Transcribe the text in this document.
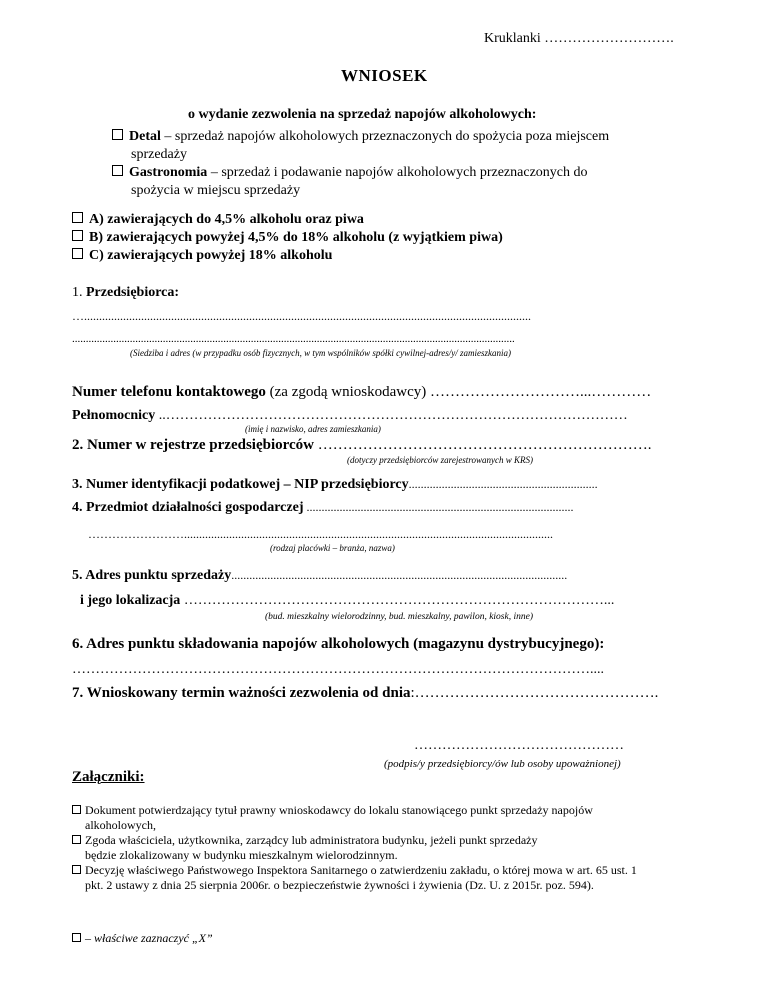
Kruklanki ……………………….
WNIOSEK
o wydanie zezwolenia na sprzedaż napojów alkoholowych:
Detal – sprzedaż napojów alkoholowych przeznaczonych do spożycia poza miejscem
sprzedaży
Gastronomia – sprzedaż i podawanie napojów alkoholowych przeznaczonych do
spożycia w miejscu sprzedaży
A) zawierających do 4,5% alkoholu oraz piwa
B) zawierających powyżej 4,5% do 18% alkoholu (z wyjątkiem piwa)
C) zawierających powyżej 18% alkoholu
1. Przedsiębiorca:
….....................................................................................................................................................
.................................................................................................................................................................
(Siedziba i adres (w przypadku osób fizycznych, w tym wspólników spółki cywilnej-adres/y/ zamieszkania)
Numer telefonu kontaktowego (za zgodą wnioskodawcy) …………………………...…………
Pełnomocnicy ..………………………………………………………………………………………
(imię i nazwisko, adres zamieszkania)
2. Numer w rejestrze przedsiębiorców ………………………………………………………….
(dotyczy przedsiębiorców zarejestrowanych w KRS)
3. Numer identyfikacji podatkowej – NIP przedsiębiorcy...............................................................
4. Przedmiot działalności gospodarczej .........................................................................................
……………………...........................................................................................................................
(rodzaj placówki – branża, nazwa)
5. Adres punktu sprzedaży................................................................................................................
i jego lokalizacja ………………………………………………………………………………...
(bud. mieszkalny wielorodzinny, bud. mieszkalny, pawilon, kiosk, inne)
6. Adres punktu składowania napojów alkoholowych (magazynu dystrybucyjnego):
…………………………………………………………………………………………………....
7. Wnioskowany termin ważności zezwolenia od dnia:………………………………………….
………………………………………
(podpis/y przedsiębiorcy/ów lub osoby upoważnionej)
Załączniki:
Dokument potwierdzający tytuł prawny wnioskodawcy do lokalu stanowiącego punkt sprzedaży napojów
alkoholowych,
Zgoda właściciela, użytkownika, zarządcy lub administratora budynku, jeżeli punkt sprzedaży
będzie zlokalizowany w budynku mieszkalnym wielorodzinnym.
Decyzję właściwego Państwowego Inspektora Sanitarnego o zatwierdzeniu zakładu, o której mowa w art. 65 ust. 1
pkt. 2 ustawy z dnia 25 sierpnia 2006r. o bezpieczeństwie żywności i żywienia (Dz. U. z 2015r. poz. 594).
– właściwe zaznaczyć „X”
